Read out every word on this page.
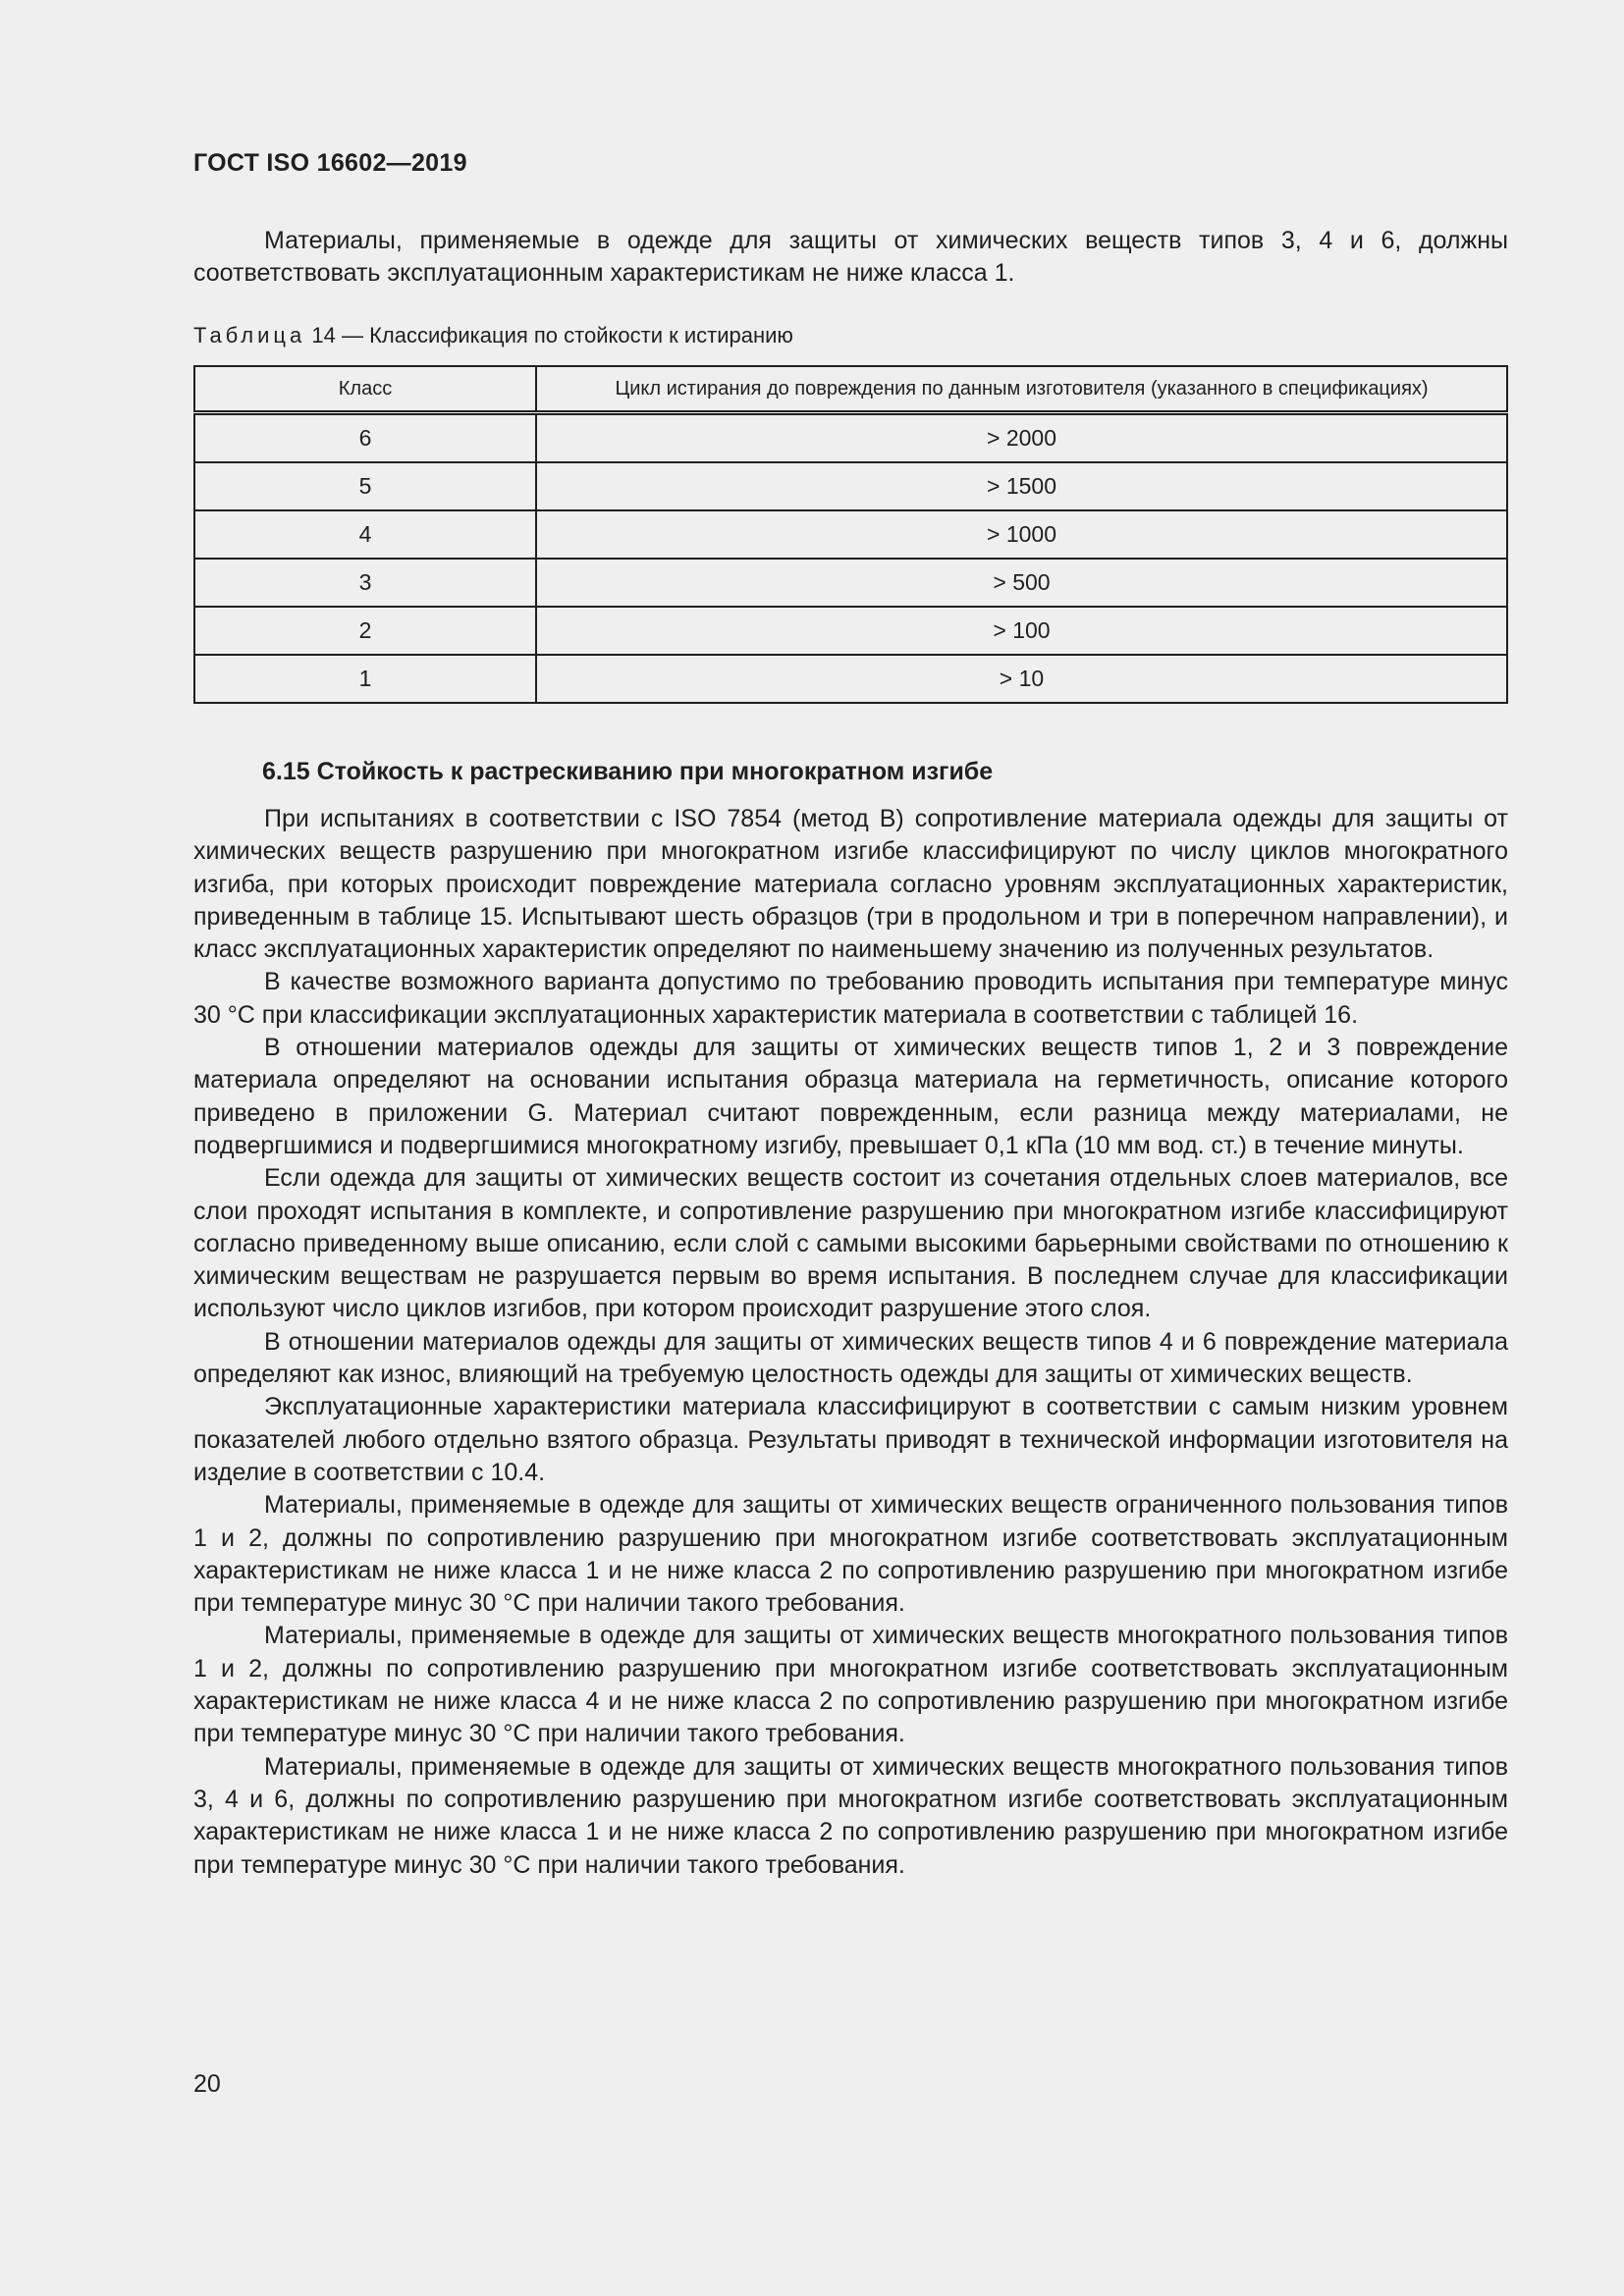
ГОСТ ISO 16602—2019

Материалы, применяемые в одежде для защиты от химических веществ типов 3, 4 и 6, должны соответствовать эксплуатационным характеристикам не ниже класса 1.

Таблица 14 — Классификация по стойкости к истиранию
Класс	Цикл истирания до повреждения по данным изготовителя (указанного в спецификациях)
6	> 2000
5	> 1500
4	> 1000
3	> 500
2	> 100
1	> 10
6.15 Стойкость к растрескиванию при многократном изгибе

При испытаниях в соответствии с ISO 7854 (метод В) сопротивление материала одежды для защиты от химических веществ разрушению при многократном изгибе классифицируют по числу циклов многократного изгиба, при которых происходит повреждение материала согласно уровням эксплуатационных характеристик, приведенным в таблице 15. Испытывают шесть образцов (три в продольном и три в поперечном направлении), и класс эксплуатационных характеристик определяют по наименьшему значению из полученных результатов.

В качестве возможного варианта допустимо по требованию проводить испытания при температуре минус 30 °С при классификации эксплуатационных характеристик материала в соответствии с таблицей 16.

В отношении материалов одежды для защиты от химических веществ типов 1, 2 и 3 повреждение материала определяют на основании испытания образца материала на герметичность, описание которого приведено в приложении G. Материал считают поврежденным, если разница между материалами, не подвергшимися и подвергшимися многократному изгибу, превышает 0,1 кПа (10 мм вод. ст.) в течение минуты.

Если одежда для защиты от химических веществ состоит из сочетания отдельных слоев материалов, все слои проходят испытания в комплекте, и сопротивление разрушению при многократном изгибе классифицируют согласно приведенному выше описанию, если слой с самыми высокими барьерными свойствами по отношению к химическим веществам не разрушается первым во время испытания. В последнем случае для классификации используют число циклов изгибов, при котором происходит разрушение этого слоя.

В отношении материалов одежды для защиты от химических веществ типов 4 и 6 повреждение материала определяют как износ, влияющий на требуемую целостность одежды для защиты от химических веществ.

Эксплуатационные характеристики материала классифицируют в соответствии с самым низким уровнем показателей любого отдельно взятого образца. Результаты приводят в технической информации изготовителя на изделие в соответствии с 10.4.

Материалы, применяемые в одежде для защиты от химических веществ ограниченного пользования типов 1 и 2, должны по сопротивлению разрушению при многократном изгибе соответствовать эксплуатационным характеристикам не ниже класса 1 и не ниже класса 2 по сопротивлению разрушению при многократном изгибе при температуре минус 30 °С при наличии такого требования.

Материалы, применяемые в одежде для защиты от химических веществ многократного пользования типов 1 и 2, должны по сопротивлению разрушению при многократном изгибе соответствовать эксплуатационным характеристикам не ниже класса 4 и не ниже класса 2 по сопротивлению разрушению при многократном изгибе при температуре минус 30 °С при наличии такого требования.

Материалы, применяемые в одежде для защиты от химических веществ многократного пользования типов 3, 4 и 6, должны по сопротивлению разрушению при многократном изгибе соответствовать эксплуатационным характеристикам не ниже класса 1 и не ниже класса 2 по сопротивлению разрушению при многократном изгибе при температуре минус 30 °С при наличии такого требования.

20
